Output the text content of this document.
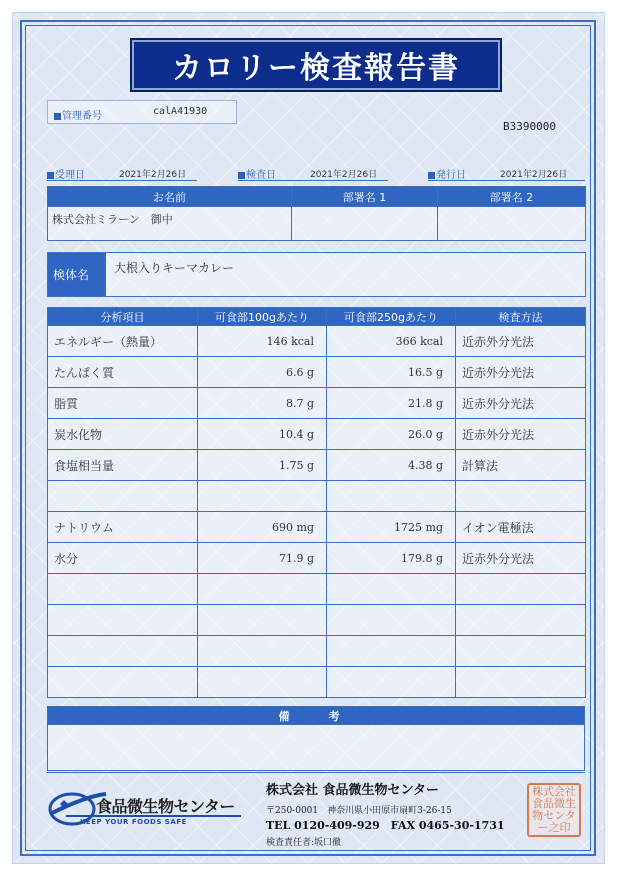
カロリー検査報告書
管理番号	calA41930
B3390000
受理日	2021年2月26日	検査日	2021年2月26日	発行日	2021年2月26日
お名前	部署名 1	部署名 2
株式会社ミラーン　御中		
検体名	大根入りキーマカレー
分析項目	可食部100gあたり	可食部250gあたり	検査方法
エネルギー（熱量）	146 kcal	366 kcal	近赤外分光法
たんぱく質	6.6 g	16.5 g	近赤外分光法
脂質	8.7 g	21.8 g	近赤外分光法
炭水化物	10.4 g	26.0 g	近赤外分光法
食塩相当量	1.75 g	4.38 g	計算法

ナトリウム	690 mg	1725 mg	イオン電極法
水分	71.9 g	179.8 g	近赤外分光法

備　考

食品微生物センター
KEEP YOUR FOODS SAFE
株式会社 食品微生物センター
〒250-0001　神奈川県小田原市扇町3-26-15
TEL 0120-409-929　FAX 0465-30-1731
検査責任者:坂口徹
株式会社食品微生物センター之印
